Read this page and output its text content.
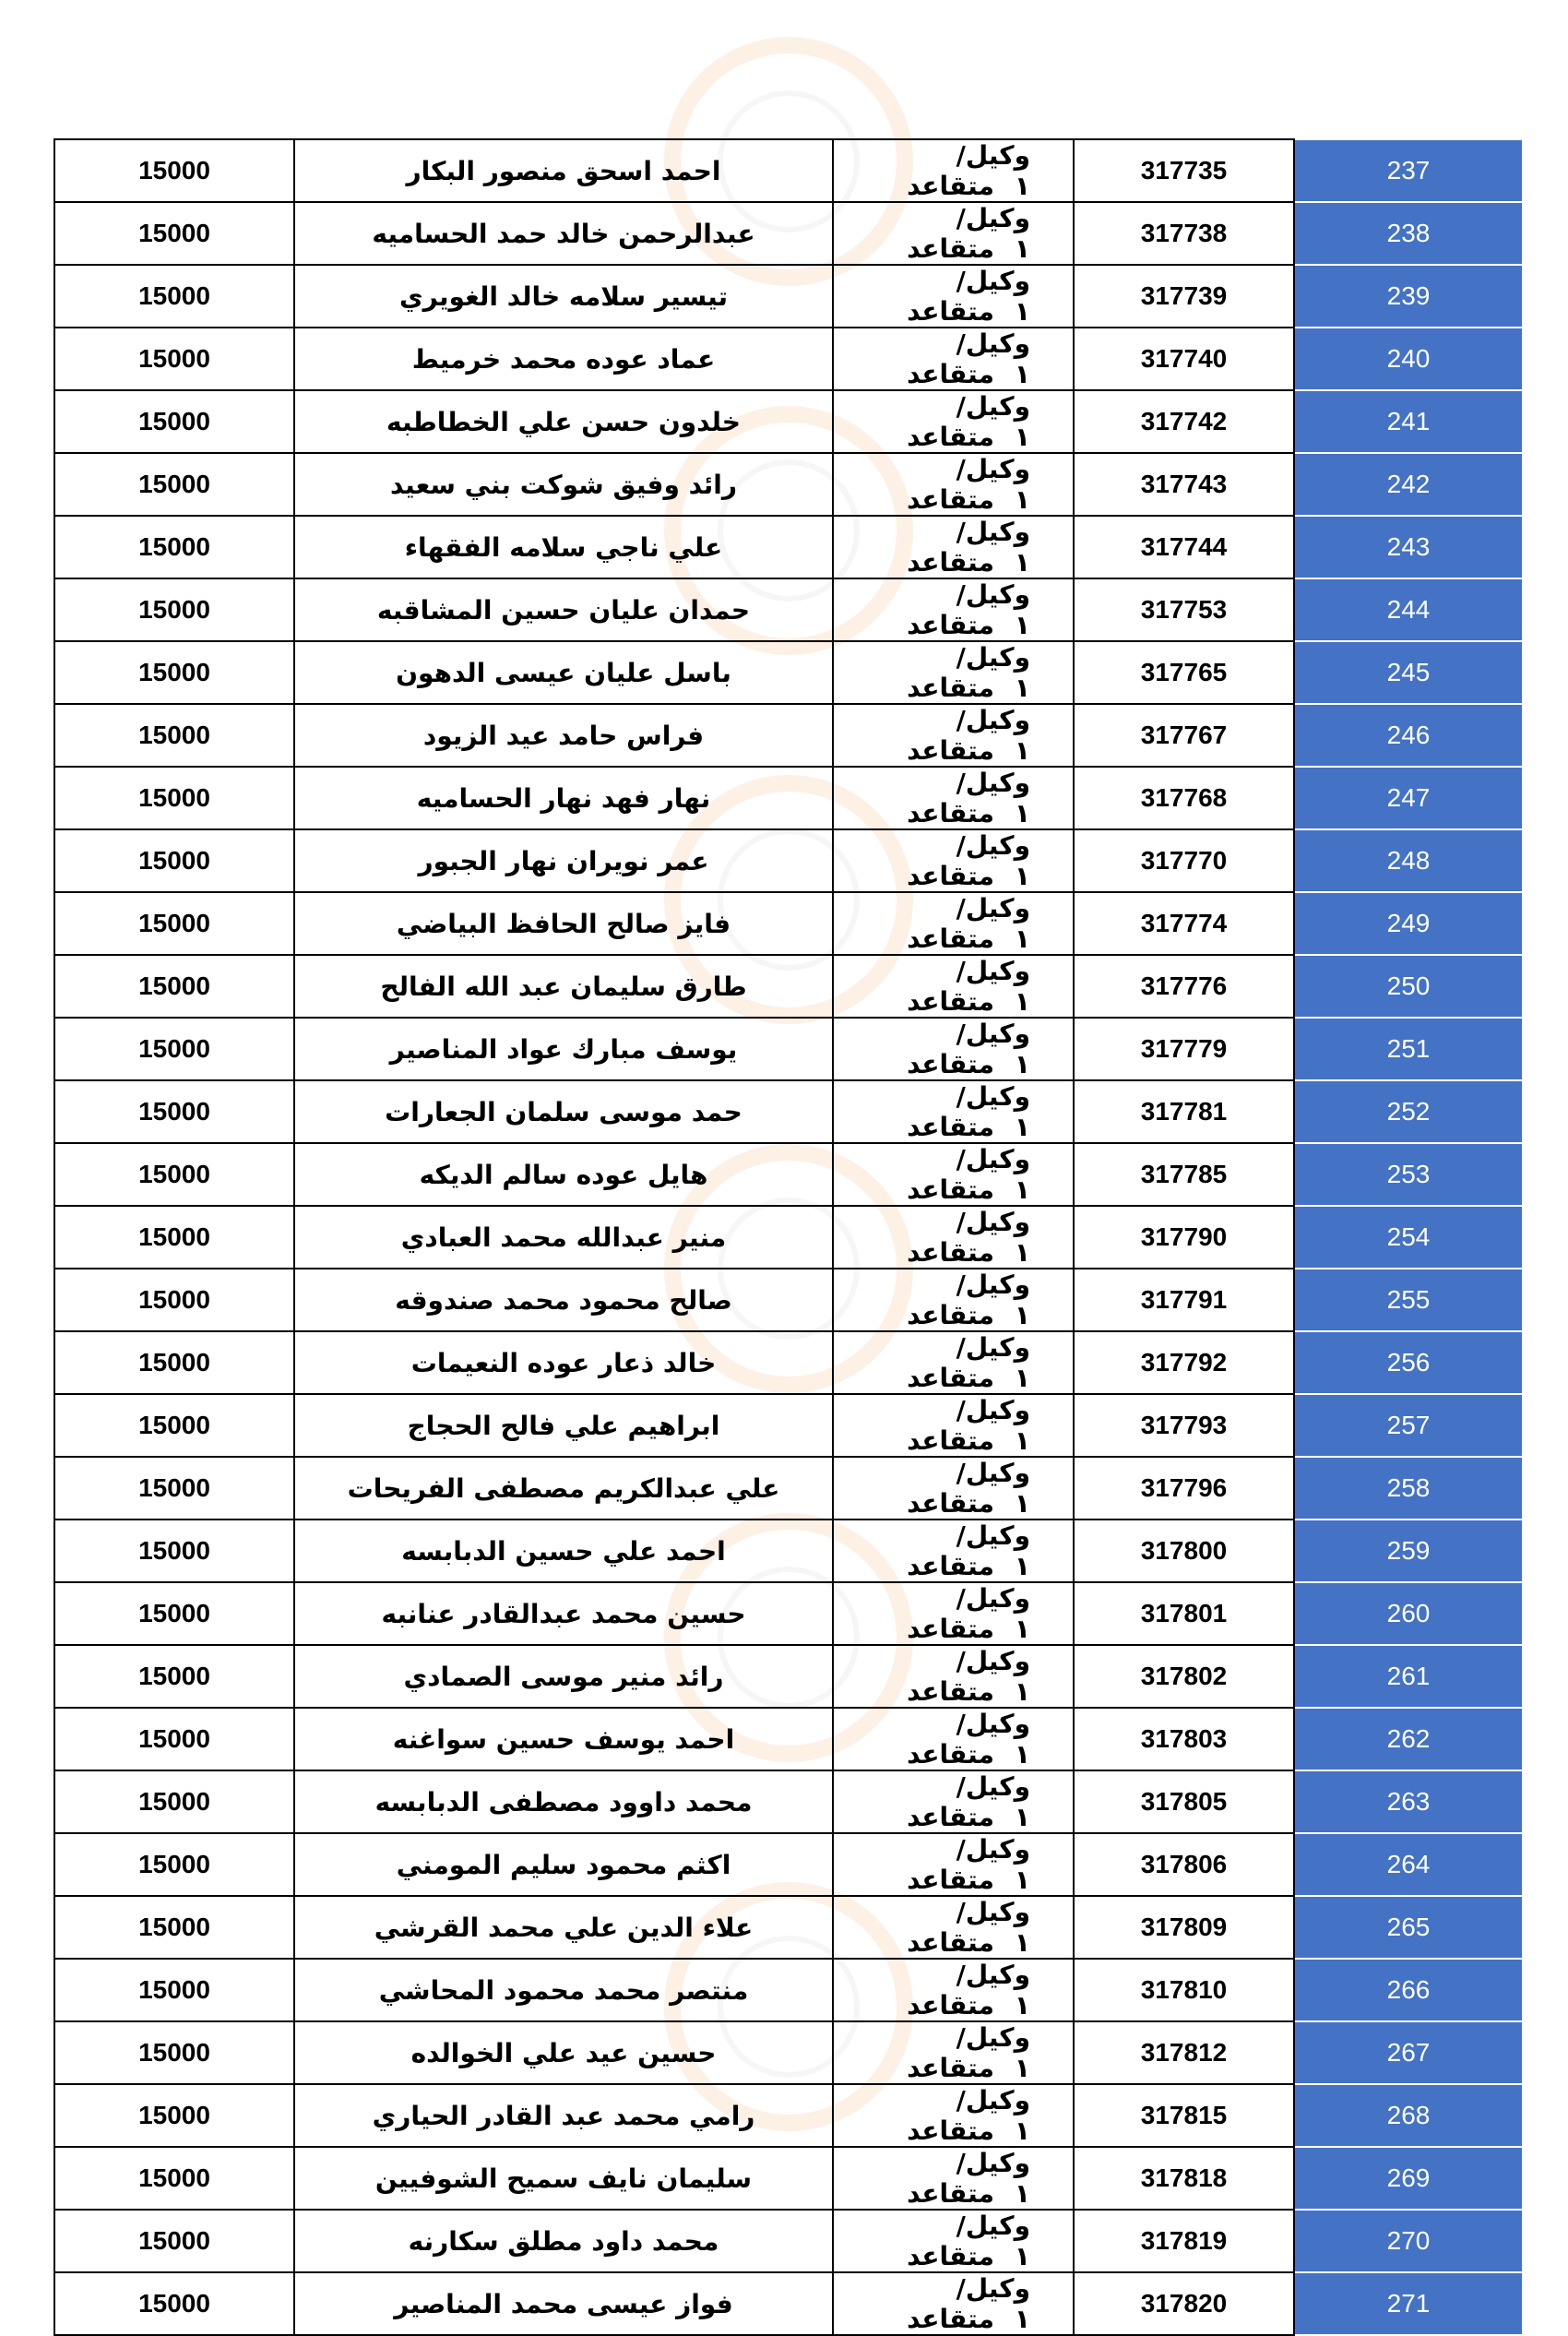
15000	احمد اسحق منصور البكار	وكيل/١متقاعد	317735	237
15000	عبدالرحمن خالد حمد الحساميه	وكيل/١متقاعد	317738	238
15000	تيسير سلامه خالد الغويري	وكيل/١متقاعد	317739	239
15000	عماد عوده محمد خرميط	وكيل/١متقاعد	317740	240
15000	خلدون حسن علي الخطاطبه	وكيل/١متقاعد	317742	241
15000	رائد وفيق شوكت بني سعيد	وكيل/١متقاعد	317743	242
15000	علي ناجي سلامه الفقهاء	وكيل/١متقاعد	317744	243
15000	حمدان عليان حسين المشاقبه	وكيل/١متقاعد	317753	244
15000	باسل عليان عيسى الدهون	وكيل/١متقاعد	317765	245
15000	فراس حامد عيد الزيود	وكيل/١متقاعد	317767	246
15000	نهار فهد نهار الحساميه	وكيل/١متقاعد	317768	247
15000	عمر نويران نهار الجبور	وكيل/١متقاعد	317770	248
15000	فايز صالح الحافظ البياضي	وكيل/١متقاعد	317774	249
15000	طارق سليمان عبد الله الفالح	وكيل/١متقاعد	317776	250
15000	يوسف مبارك عواد المناصير	وكيل/١متقاعد	317779	251
15000	حمد موسى سلمان الجعارات	وكيل/١متقاعد	317781	252
15000	هايل عوده سالم الديكه	وكيل/١متقاعد	317785	253
15000	منير عبدالله محمد العبادي	وكيل/١متقاعد	317790	254
15000	صالح محمود محمد صندوقه	وكيل/١متقاعد	317791	255
15000	خالد ذعار عوده النعيمات	وكيل/١متقاعد	317792	256
15000	ابراهيم علي فالح الحجاج	وكيل/١متقاعد	317793	257
15000	علي عبدالكريم مصطفى الفريحات	وكيل/١متقاعد	317796	258
15000	احمد علي حسين الدبابسه	وكيل/١متقاعد	317800	259
15000	حسين محمد عبدالقادر عنانبه	وكيل/١متقاعد	317801	260
15000	رائد منير موسى الصمادي	وكيل/١متقاعد	317802	261
15000	احمد يوسف حسين سواغنه	وكيل/١متقاعد	317803	262
15000	محمد داوود مصطفى الدبابسه	وكيل/١متقاعد	317805	263
15000	اكثم محمود سليم المومني	وكيل/١متقاعد	317806	264
15000	علاء الدين علي محمد القرشي	وكيل/١متقاعد	317809	265
15000	منتصر محمد محمود المحاشي	وكيل/١متقاعد	317810	266
15000	حسين عيد علي الخوالده	وكيل/١متقاعد	317812	267
15000	رامي محمد عبد القادر الحياري	وكيل/١متقاعد	317815	268
15000	سليمان نايف سميح الشوفيين	وكيل/١متقاعد	317818	269
15000	محمد داود مطلق سكارنه	وكيل/١متقاعد	317819	270
15000	فواز عيسى محمد المناصير	وكيل/١متقاعد	317820	271
